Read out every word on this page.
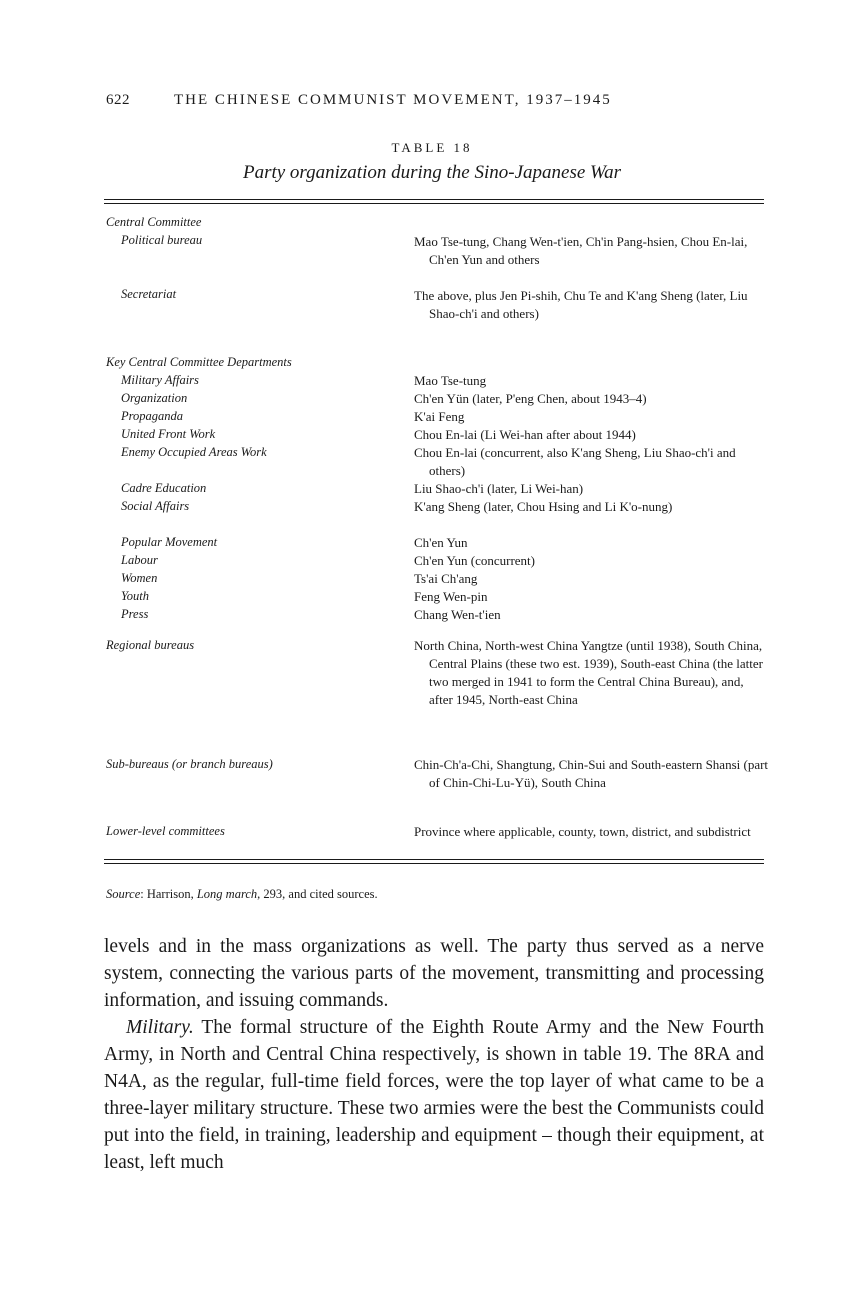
622	THE CHINESE COMMUNIST MOVEMENT, 1937–1945
TABLE 18
Party organization during the Sino-Japanese War
Central Committee
Political bureau	Mao Tse-tung, Chang Wen-t'ien, Ch'in Pang-hsien, Chou En-lai, Ch'en Yun and others
Secretariat	The above, plus Jen Pi-shih, Chu Te and K'ang Sheng (later, Liu Shao-ch'i and others)
Key Central Committee Departments
Military Affairs	Mao Tse-tung
Organization	Ch'en Yün (later, P'eng Chen, about 1943–4)
Propaganda	K'ai Feng
United Front Work	Chou En-lai (Li Wei-han after about 1944)
Enemy Occupied Areas Work	Chou En-lai (concurrent, also K'ang Sheng, Liu Shao-ch'i and others)
Cadre Education	Liu Shao-ch'i (later, Li Wei-han)
Social Affairs	K'ang Sheng (later, Chou Hsing and Li K'o-nung)
Popular Movement	Ch'en Yun
Labour	Ch'en Yun (concurrent)
Women	Ts'ai Ch'ang
Youth	Feng Wen-pin
Press	Chang Wen-t'ien
Regional bureaus	North China, North-west China Yangtze (until 1938), South China, Central Plains (these two est. 1939), South-east China (the latter two merged in 1941 to form the Central China Bureau), and, after 1945, North-east China
Sub-bureaus (or branch bureaus)	Chin-Ch'a-Chi, Shangtung, Chin-Sui and South-eastern Shansi (part of Chin-Chi-Lu-Yü), South China
Lower-level committees	Province where applicable, county, town, district, and subdistrict
Source: Harrison, Long march, 293, and cited sources.

levels and in the mass organizations as well. The party thus served as a nerve system, connecting the various parts of the movement, transmitting and processing information, and issuing commands.

Military. The formal structure of the Eighth Route Army and the New Fourth Army, in North and Central China respectively, is shown in table 19. The 8RA and N4A, as the regular, full-time field forces, were the top layer of what came to be a three-layer military structure. These two armies were the best the Communists could put into the field, in training, leadership and equipment – though their equipment, at least, left much
